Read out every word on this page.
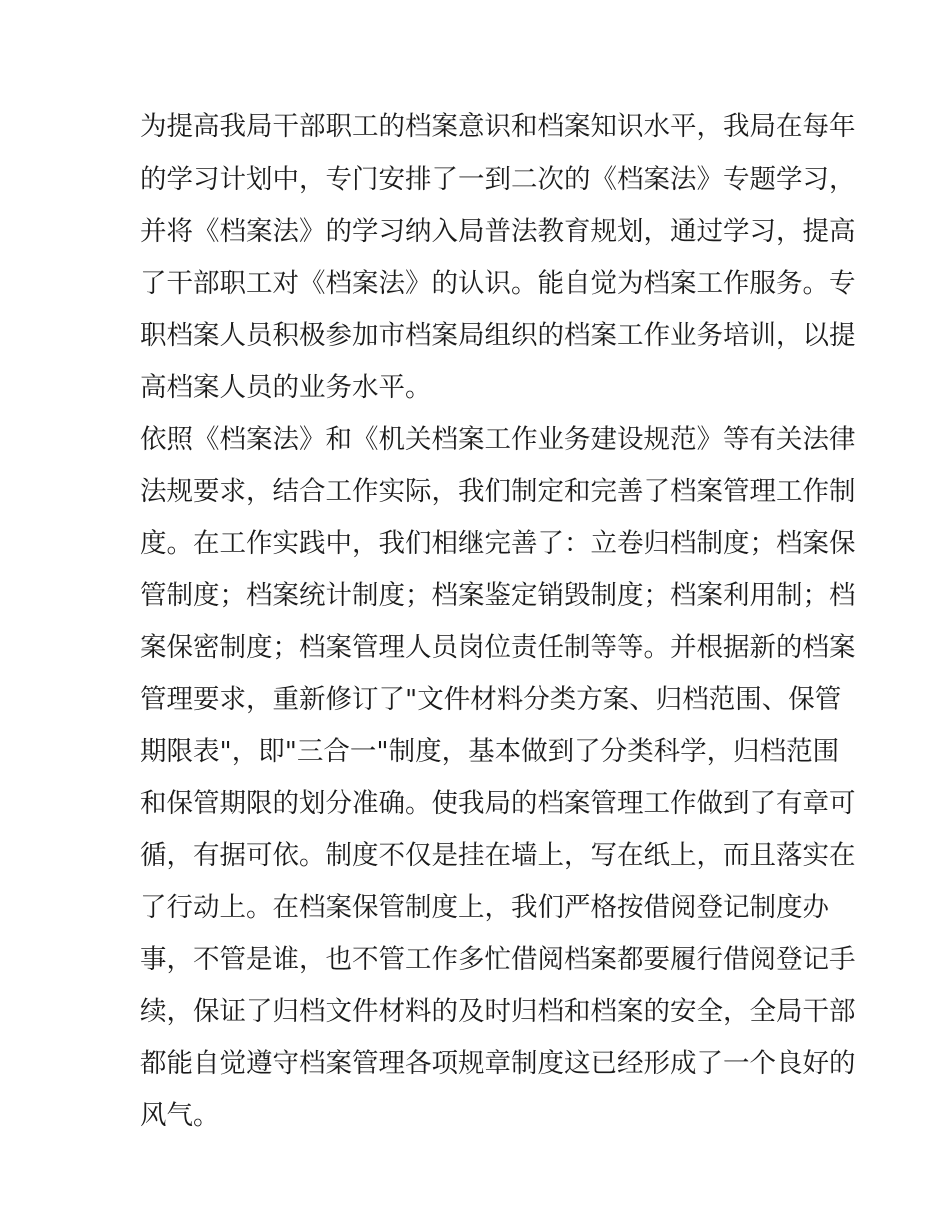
为提高我局干部职工的档案意识和档案知识水平，我局在每年
的学习计划中，专门安排了一到二次的《档案法》专题学习，
并将《档案法》的学习纳入局普法教育规划，通过学习，提高
了干部职工对《档案法》的认识。能自觉为档案工作服务。专
职档案人员积极参加市档案局组织的档案工作业务培训，以提
高档案人员的业务水平。
依照《档案法》和《机关档案工作业务建设规范》等有关法律
法规要求，结合工作实际，我们制定和完善了档案管理工作制
度。在工作实践中，我们相继完善了：立卷归档制度；档案保
管制度；档案统计制度；档案鉴定销毁制度；档案利用制；档
案保密制度；档案管理人员岗位责任制等等。并根据新的档案
管理要求，重新修订了"文件材料分类方案、归档范围、保管
期限表"，即"三合一"制度，基本做到了分类科学，归档范围
和保管期限的划分准确。使我局的档案管理工作做到了有章可
循，有据可依。制度不仅是挂在墙上，写在纸上，而且落实在
了行动上。在档案保管制度上，我们严格按借阅登记制度办
事，不管是谁，也不管工作多忙借阅档案都要履行借阅登记手
续，保证了归档文件材料的及时归档和档案的安全，全局干部
都能自觉遵守档案管理各项规章制度这已经形成了一个良好的
风气。
